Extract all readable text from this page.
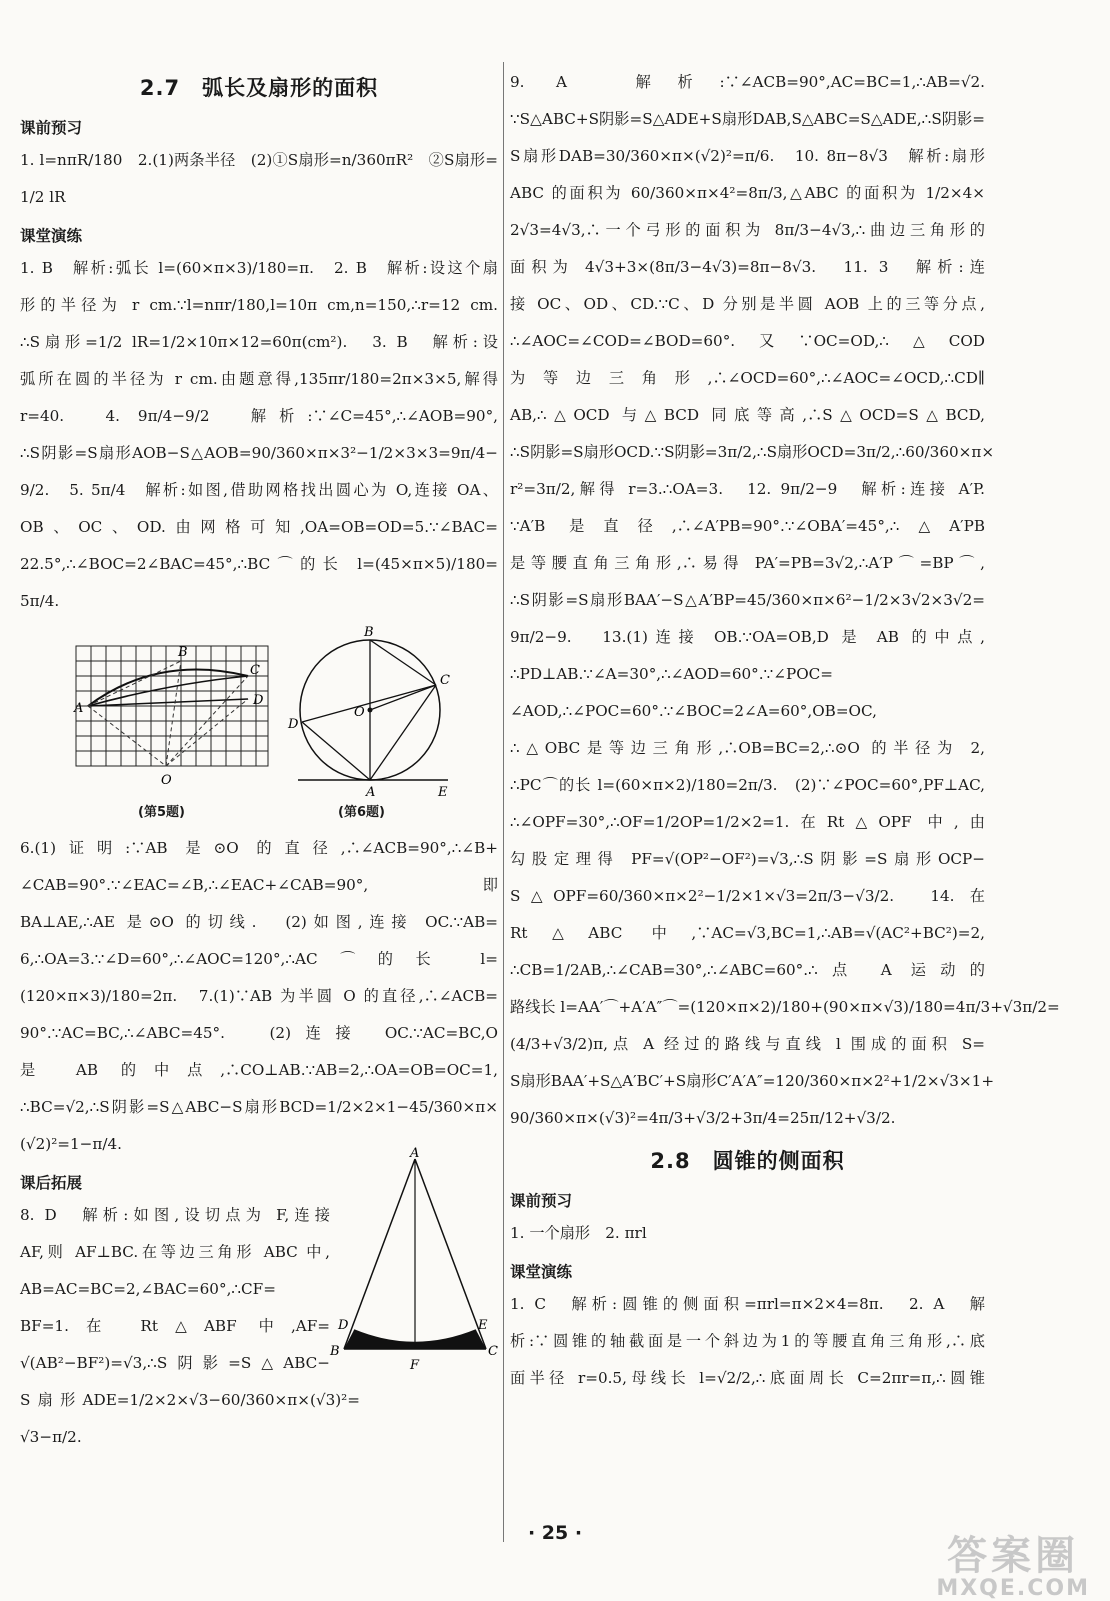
2.7　弧长及扇形的面积
课前预习

1. l=nπR/180　2.(1)两条半径　(2)①S扇形=n/360πR²　②S扇形=

1/2 lR

课堂演练

1. B　解析:弧长 l=(60×π×3)/180=π.　2. B　解析:设这个扇

形的半径为 r cm.∵l=nπr/180,l=10π cm,n=150,∴r=12 cm.

∴S扇形=1/2 lR=1/2×10π×12=60π(cm²).　3. B　解析:设

弧所在圆的半径为 r cm.由题意得,135πr/180=2π×3×5,解得

r=40.　4. 9π/4−9/2　解析:∵∠C=45°,∴∠AOB=90°,

∴S阴影=S扇形AOB−S△AOB=90/360×π×3²−1/2×3×3=9π/4−

9/2.　5. 5π/4　解析:如图,借助网格找出圆心为 O,连接 OA、

OB、OC、OD.由网格可知,OA=OB=OD=5.∵∠BAC=

22.5°,∴∠BOC=2∠BAC=45°,∴BC⌒的长 l=(45×π×5)/180=

5π/4.

A
B
C
D
O
(第5题)
B
C
D
O
A	E
(第6题)

6.(1)证明:∵AB 是⊙O 的直径,∴∠ACB=90°,∴∠B+

∠CAB=90°.∵∠EAC=∠B,∴∠EAC+∠CAB=90°,即

BA⊥AE,∴AE 是⊙O 的切线.　(2)如图,连接 OC.∵AB=

6,∴OA=3.∵∠D=60°,∴∠AOC=120°,∴AC⌒的长 l=

(120×π×3)/180=2π.　7.(1)∵AB 为半圆 O 的直径,∴∠ACB=

90°.∵AC=BC,∴∠ABC=45°.　(2)连接 OC.∵AC=BC,O

是 AB 的中点,∴CO⊥AB.∵AB=2,∴OA=OB=OC=1,

∴BC=√2,∴S阴影=S△ABC−S扇形BCD=1/2×2×1−45/360×π×

(√2)²=1−π/4.

课后拓展

8. D　解析:如图,设切点为 F,连接

AF,则 AF⊥BC.在等边三角形 ABC 中,

AB=AC=BC=2,∠BAC=60°,∴CF=

BF=1.在 Rt△ABF 中,AF=

√(AB²−BF²)=√3,∴S阴影=S△ABC−

S扇形ADE=1/2×2×√3−60/360×π×(√3)²=

√3−π/2.

A
B	C
D	E
F

9. A　解析:∵∠ACB=90°,AC=BC=1,∴AB=√2.

∵S△ABC+S阴影=S△ADE+S扇形DAB,S△ABC=S△ADE,∴S阴影=

S扇形DAB=30/360×π×(√2)²=π/6.　10. 8π−8√3　解析:扇形

ABC 的面积为 60/360×π×4²=8π/3,△ABC 的面积为 1/2×4×

2√3=4√3,∴一个弓形的面积为 8π/3−4√3,∴曲边三角形的

面积为 4√3+3×(8π/3−4√3)=8π−8√3.　11. 3　解析:连

接 OC、OD、CD.∵C、D 分别是半圆 AOB 上的三等分点,

∴∠AOC=∠COD=∠BOD=60°.又∵OC=OD,∴△COD

为等边三角形,∴∠OCD=60°,∴∠AOC=∠OCD,∴CD∥

AB,∴△OCD 与△BCD 同底等高,∴S△OCD=S△BCD,

∴S阴影=S扇形OCD.∵S阴影=3π/2,∴S扇形OCD=3π/2,∴60/360×π×

r²=3π/2,解得 r=3.∴OA=3.　12. 9π/2−9　解析:连接 A′P.

∵A′B 是直径,∴∠A′PB=90°.∵∠OBA′=45°,∴△A′PB

是等腰直角三角形,∴易得 PA′=PB=3√2,∴A′P⌒=BP⌒,

∴S阴影=S扇形BAA′−S△A′BP=45/360×π×6²−1/2×3√2×3√2=

9π/2−9.　13.(1)连接 OB.∵OA=OB,D 是 AB 的中点,

∴PD⊥AB.∵∠A=30°,∴∠AOD=60°.∵∠POC=

∠AOD,∴∠POC=60°.∵∠BOC=2∠A=60°,OB=OC,

∴△OBC是等边三角形,∴OB=BC=2,∴⊙O 的半径为 2,

∴PC⌒的长 l=(60×π×2)/180=2π/3.　(2)∵∠POC=60°,PF⊥AC,

∴∠OPF=30°,∴OF=1/2OP=1/2×2=1.在Rt△OPF 中,由

勾股定理得 PF=√(OP²−OF²)=√3,∴S阴影=S扇形OCP−

S△OPF=60/360×π×2²−1/2×1×√3=2π/3−√3/2.　14. 在

Rt△ABC 中,∵AC=√3,BC=1,∴AB=√(AC²+BC²)=2,

∴CB=1/2AB,∴∠CAB=30°,∴∠ABC=60°.∴点 A 运动的

路线长 l=AA′⌒+A′A″⌒=(120×π×2)/180+(90×π×√3)/180=4π/3+√3π/2=

(4/3+√3/2)π,点 A 经过的路线与直线 l 围成的面积 S=

S扇形BAA′+S△A′BC′+S扇形C′A′A″=120/360×π×2²+1/2×√3×1+

90/360×π×(√3)²=4π/3+√3/2+3π/4=25π/12+√3/2.

2.8　圆锥的侧面积
课前预习

1. 一个扇形　2. πrl

课堂演练

1. C　解析:圆锥的侧面积=πrl=π×2×4=8π.　2. A　解

析:∵圆锥的轴截面是一个斜边为1的等腰直角三角形,∴底

面半径 r=0.5,母线长 l=√2/2,∴底面周长 C=2πr=π,∴圆锥

· 25 ·	答案圈
MXQE.COM
